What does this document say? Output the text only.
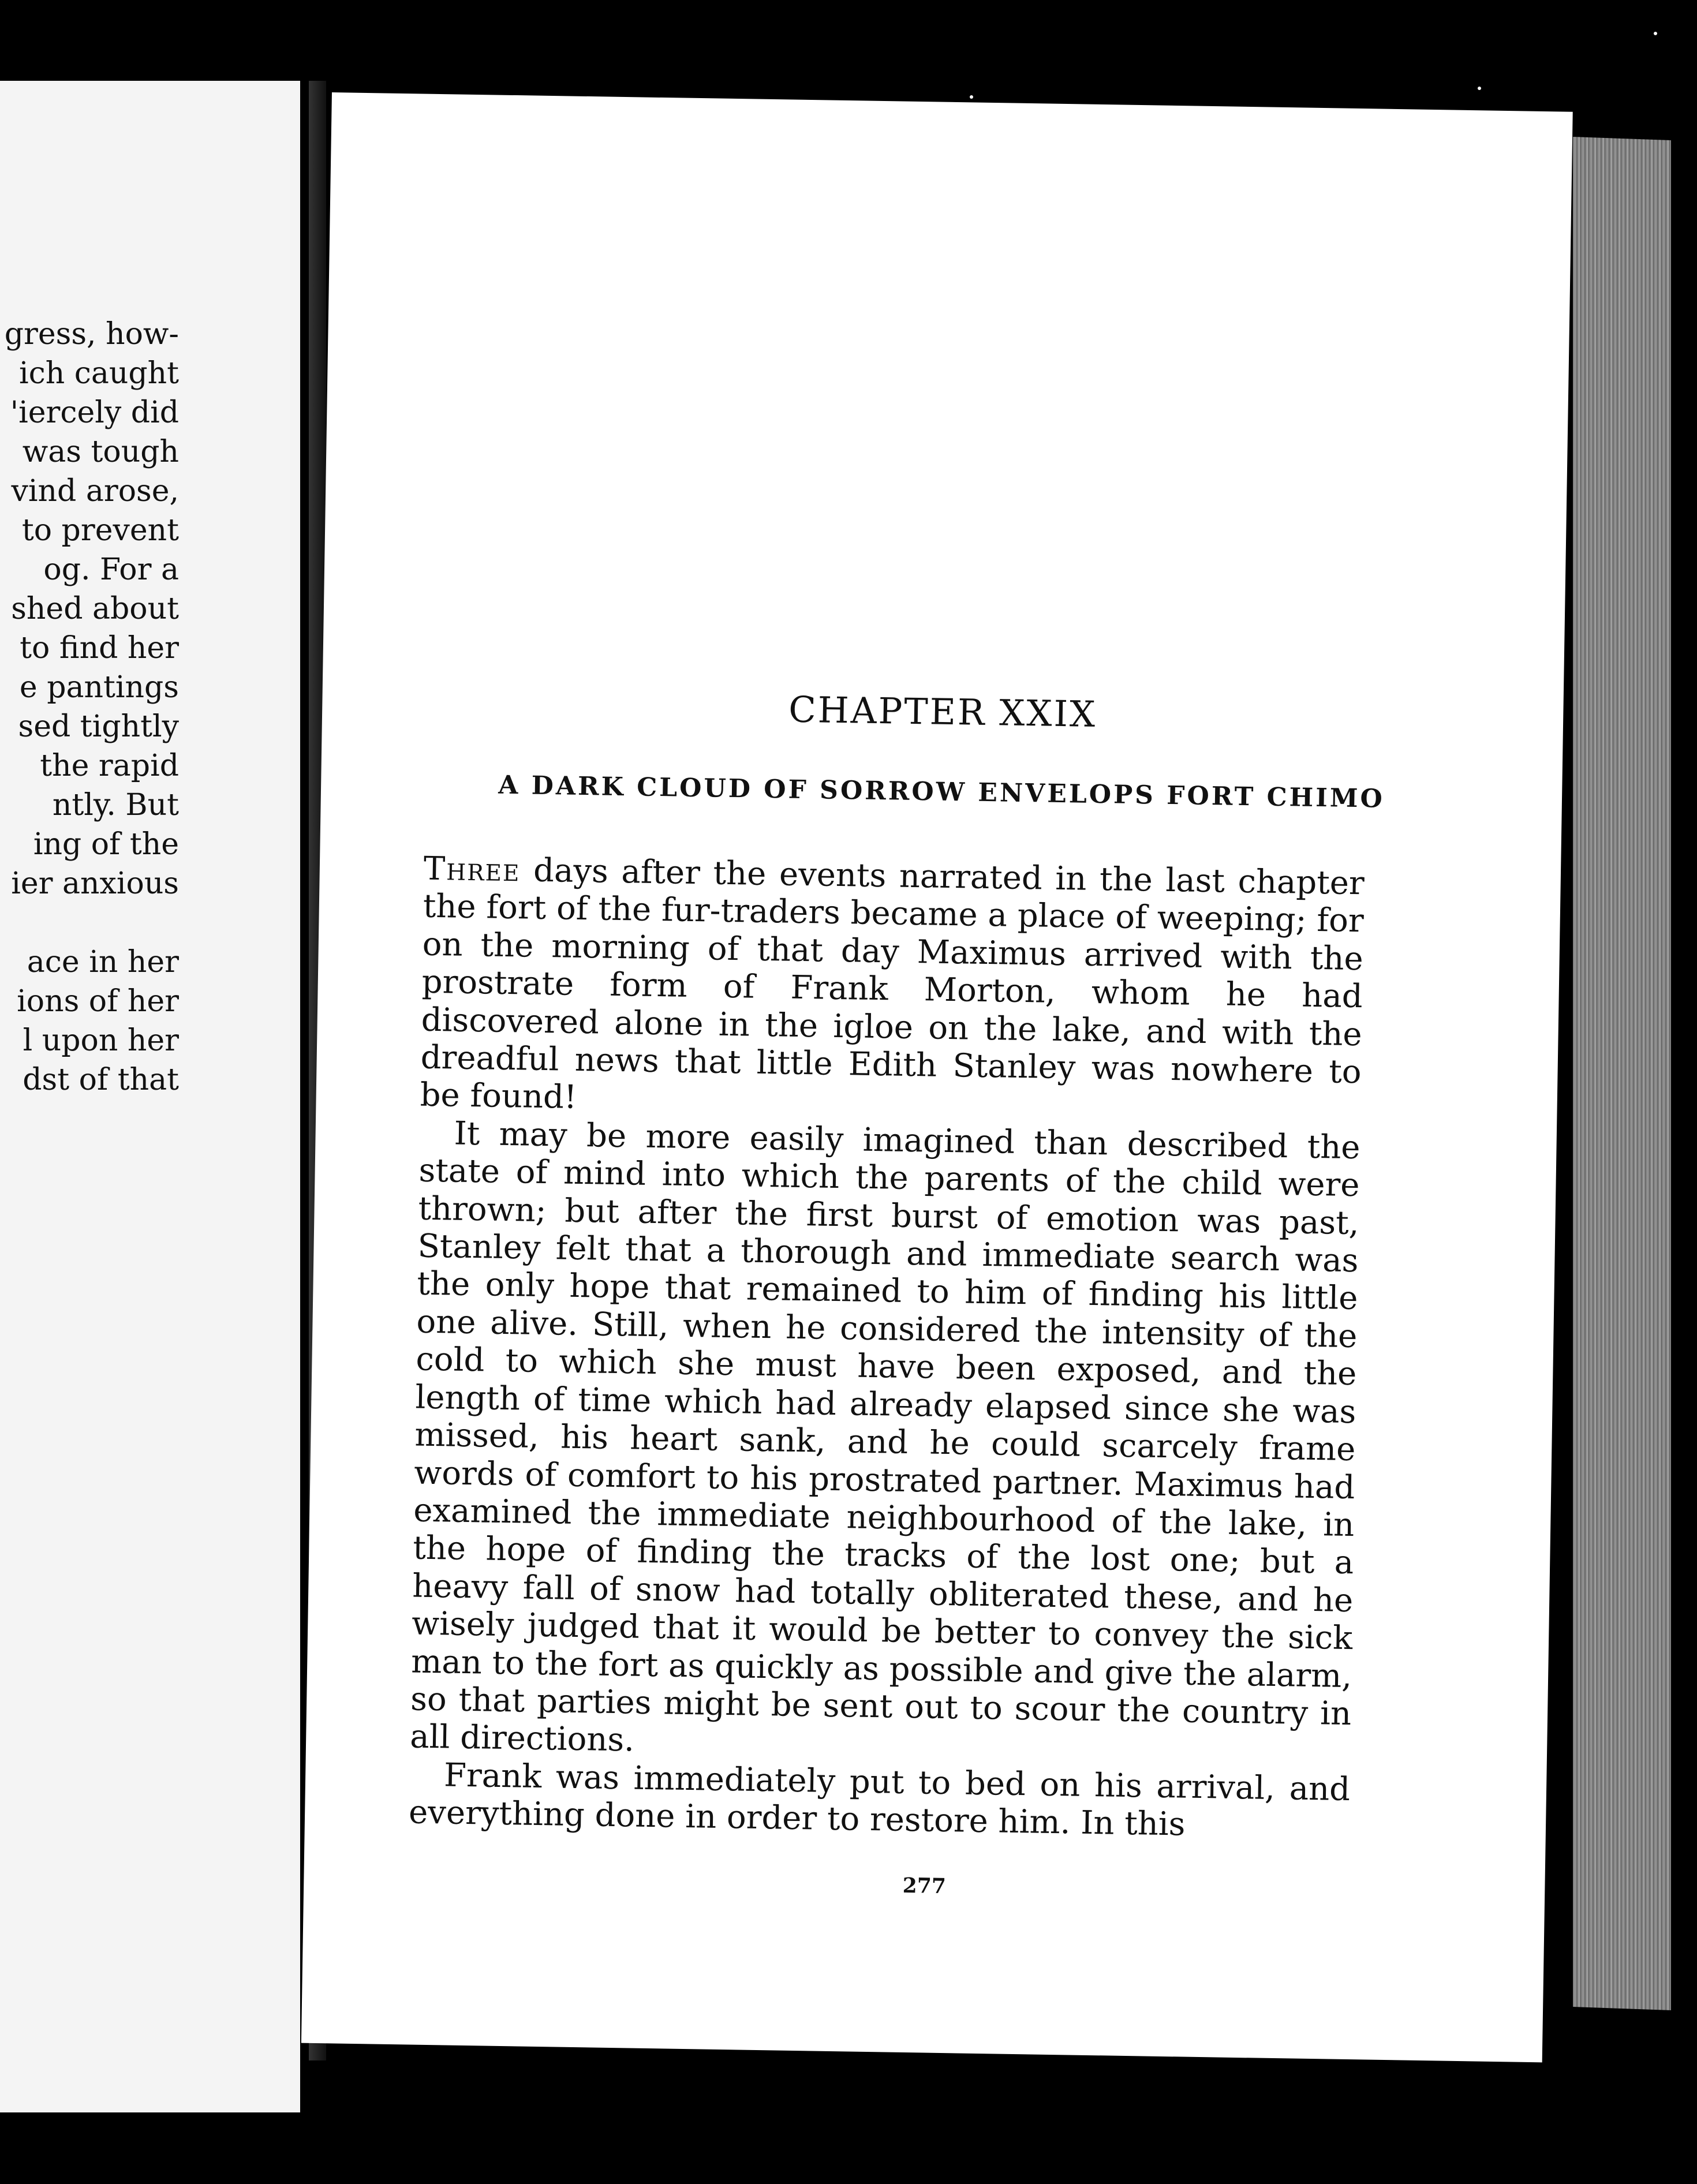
gress, how-
ich caught
'iercely did
was tough
vind arose,
to prevent
og. For a
shed about
to find her
e pantings
sed tightly
the rapid
ntly. But
ing of the
ier anxious
ace in her
ions of her
l upon her
dst of that
CHAPTER XXIX
A DARK CLOUD OF SORROW ENVELOPS FORT CHIMO

Three days after the events narrated in the last chapter the fort of the fur-traders became a place of weeping; for on the morning of that day Maximus arrived with the prostrate form of Frank Morton, whom he had discovered alone in the igloe on the lake, and with the dreadful news that little Edith Stanley was nowhere to be found!

It may be more easily imagined than described the state of mind into which the parents of the child were thrown; but after the first burst of emotion was past, Stanley felt that a thorough and immediate search was the only hope that remained to him of finding his little one alive. Still, when he considered the intensity of the cold to which she must have been exposed, and the length of time which had already elapsed since she was missed, his heart sank, and he could scarcely frame words of comfort to his prostrated partner. Maximus had examined the immediate neighbourhood of the lake, in the hope of finding the tracks of the lost one; but a heavy fall of snow had totally obliterated these, and he wisely judged that it would be better to convey the sick man to the fort as quickly as possible and give the alarm, so that parties might be sent out to scour the country in all directions.

Frank was immediately put to bed on his arrival, and everything done in order to restore him. In this

277
